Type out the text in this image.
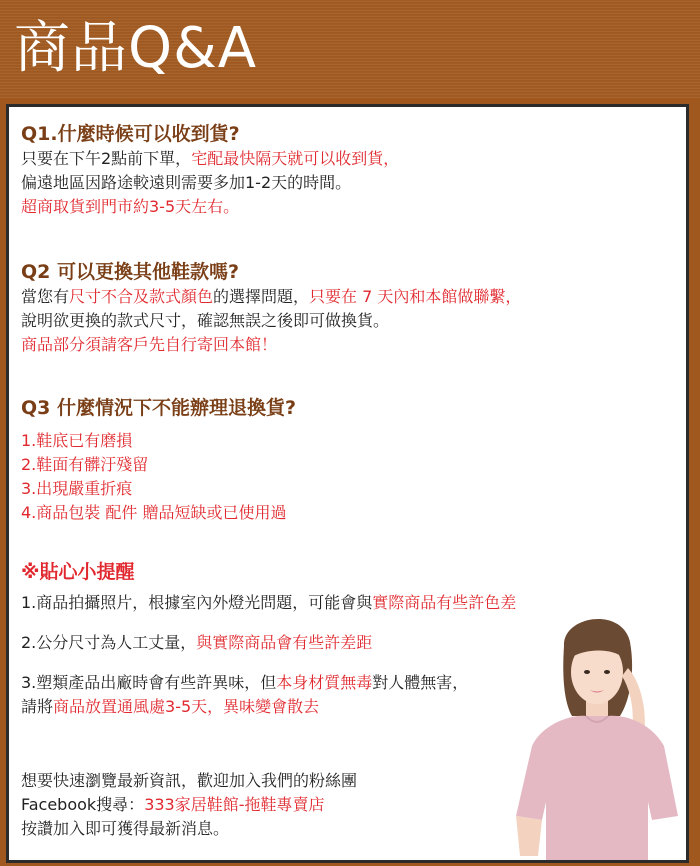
商品Q&A
Q1.什麼時候可以收到貨?
只要在下午2點前下單，宅配最快隔天就可以收到貨，
偏遠地區因路途較遠則需要多加1-2天的時間。
超商取貨到門市約3-5天左右。
Q2 可以更換其他鞋款嗎?
當您有尺寸不合及款式顏色的選擇問題，只要在 7 天內和本館做聯繫，
說明欲更換的款式尺寸，確認無誤之後即可做換貨。
商品部分須請客戶先自行寄回本館！
Q3 什麼情況下不能辦理退換貨?
1.鞋底已有磨損
2.鞋面有髒汙殘留
3.出現嚴重折痕
4.商品包裝 配件 贈品短缺或已使用過
※貼心小提醒
1.商品拍攝照片，根據室內外燈光問題，可能會與實際商品有些許色差
2.公分尺寸為人工丈量，與實際商品會有些許差距
3.塑類產品出廠時會有些許異味，但本身材質無毒對人體無害，
請將商品放置通風處3-5天，異味變會散去
想要快速瀏覽最新資訊，歡迎加入我們的粉絲團
Facebook搜尋：333家居鞋館-拖鞋專賣店
按讚加入即可獲得最新消息。
